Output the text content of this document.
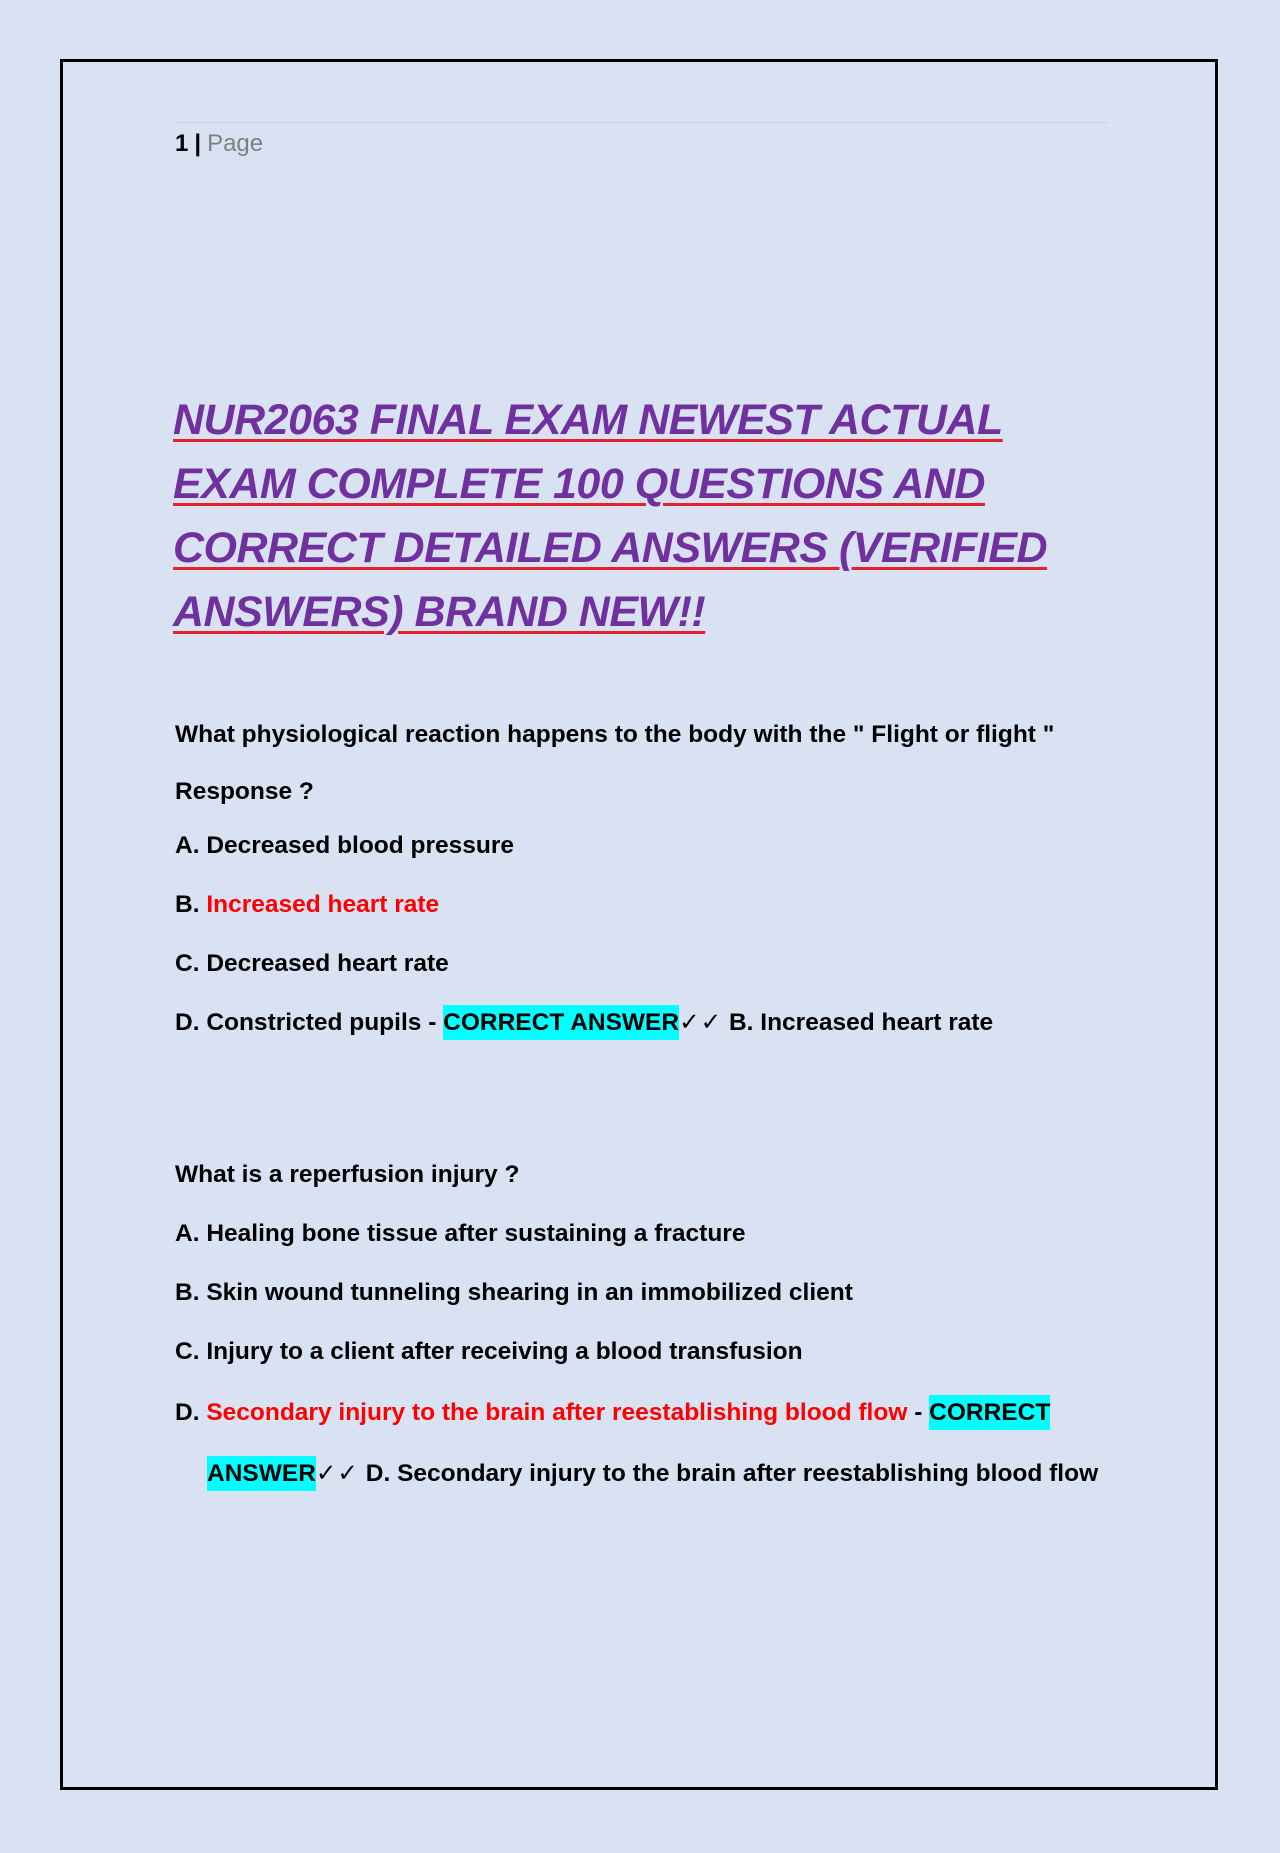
1 | Page
NUR2063 FINAL EXAM NEWEST ACTUAL EXAM COMPLETE 100 QUESTIONS AND CORRECT DETAILED ANSWERS (VERIFIED ANSWERS) BRAND NEW!!

What physiological reaction happens to the body with the " Flight or flight " Response ?

A. Decreased blood pressure

B. Increased heart rate

C. Decreased heart rate

D. Constricted pupils - CORRECT ANSWER✓✓ B. Increased heart rate

What is a reperfusion injury ?

A. Healing bone tissue after sustaining a fracture

B. Skin wound tunneling shearing in an immobilized client

C. Injury to a client after receiving a blood transfusion

D. Secondary injury to the brain after reestablishing blood flow - CORRECT ANSWER✓✓ D. Secondary injury to the brain after reestablishing blood flow
